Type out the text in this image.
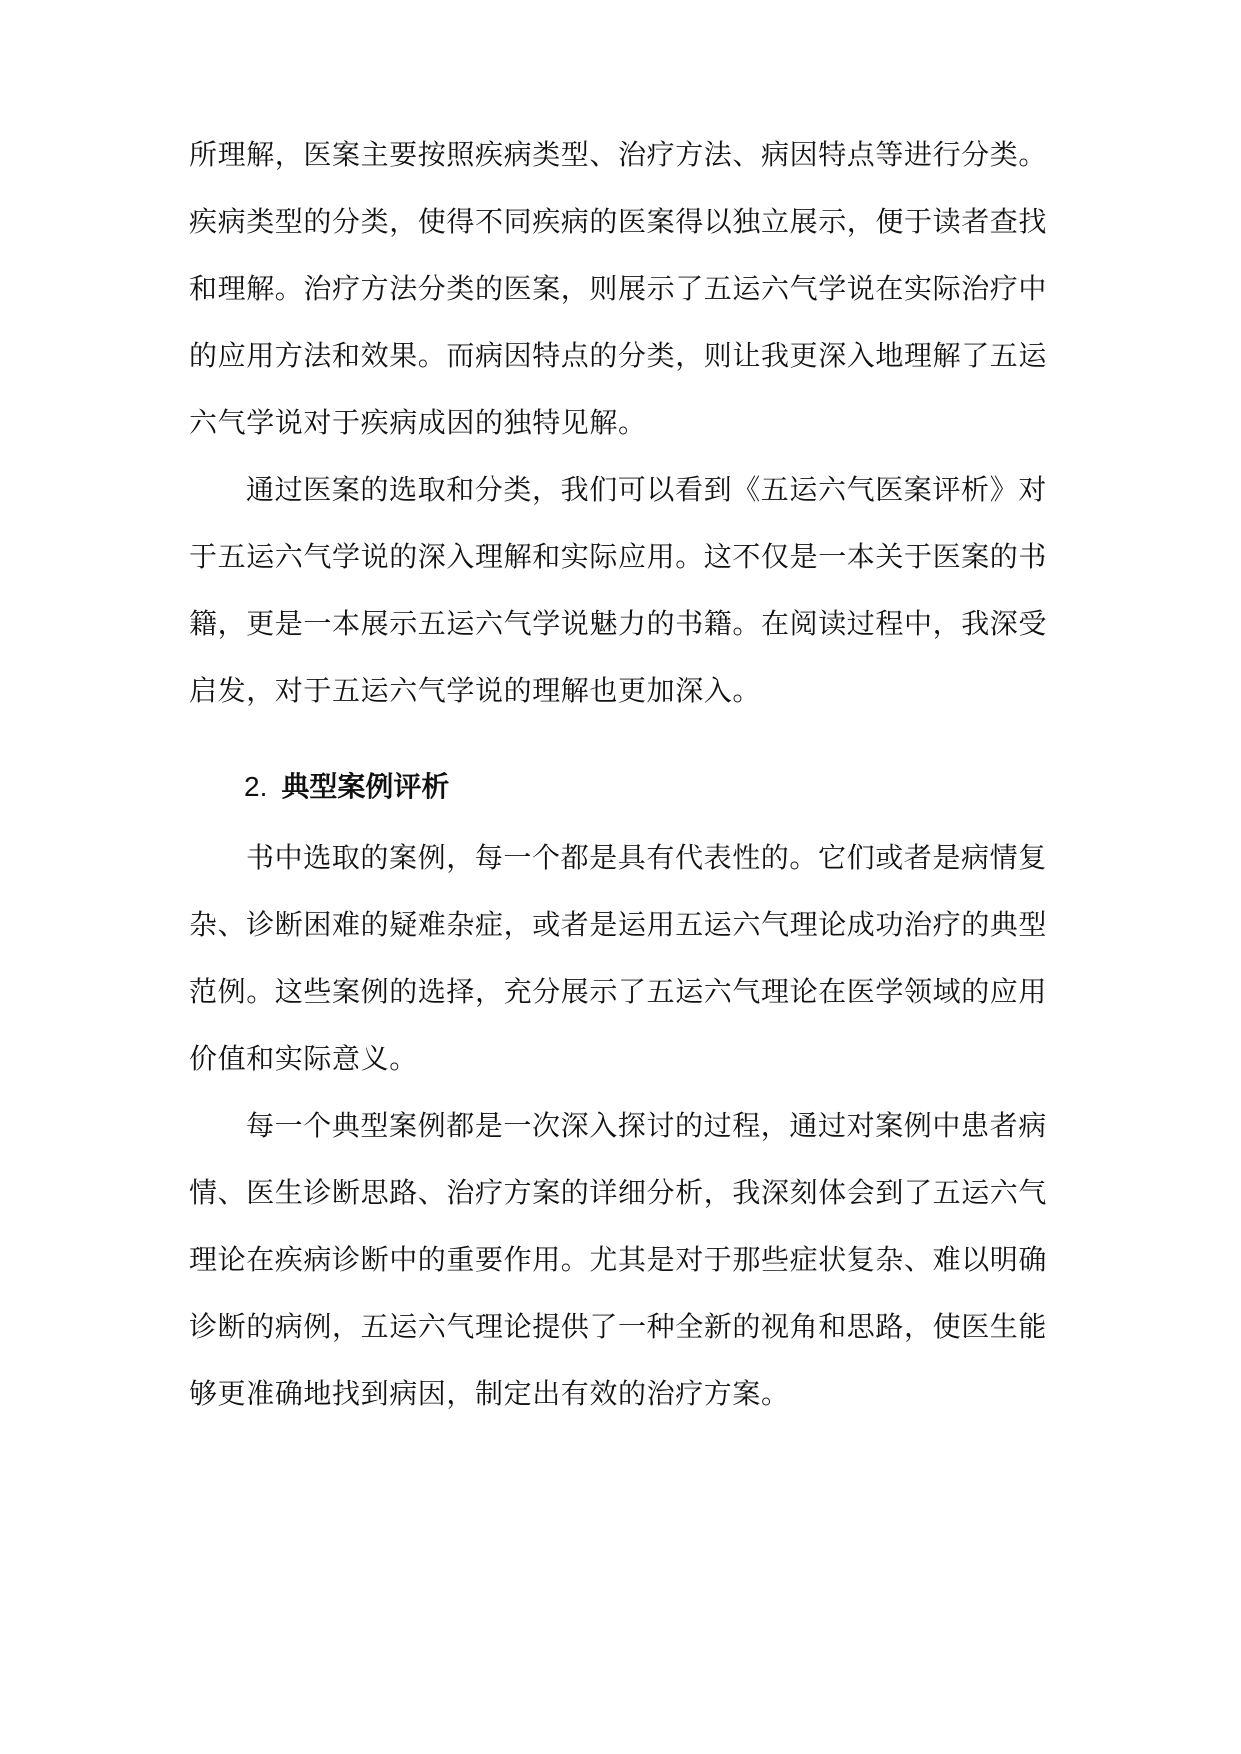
所理解，医案主要按照疾病类型、治疗方法、病因特点等进行分类。
疾病类型的分类，使得不同疾病的医案得以独立展示，便于读者查找
和理解。治疗方法分类的医案，则展示了五运六气学说在实际治疗中
的应用方法和效果。而病因特点的分类，则让我更深入地理解了五运
六气学说对于疾病成因的独特见解。
通过医案的选取和分类，我们可以看到《五运六气医案评析》对
于五运六气学说的深入理解和实际应用。这不仅是一本关于医案的书
籍，更是一本展示五运六气学说魅力的书籍。在阅读过程中，我深受
启发，对于五运六气学说的理解也更加深入。
2. 典型案例评析
书中选取的案例，每一个都是具有代表性的。它们或者是病情复
杂、诊断困难的疑难杂症，或者是运用五运六气理论成功治疗的典型
范例。这些案例的选择，充分展示了五运六气理论在医学领域的应用
价值和实际意义。
每一个典型案例都是一次深入探讨的过程，通过对案例中患者病
情、医生诊断思路、治疗方案的详细分析，我深刻体会到了五运六气
理论在疾病诊断中的重要作用。尤其是对于那些症状复杂、难以明确
诊断的病例，五运六气理论提供了一种全新的视角和思路，使医生能
够更准确地找到病因，制定出有效的治疗方案。
